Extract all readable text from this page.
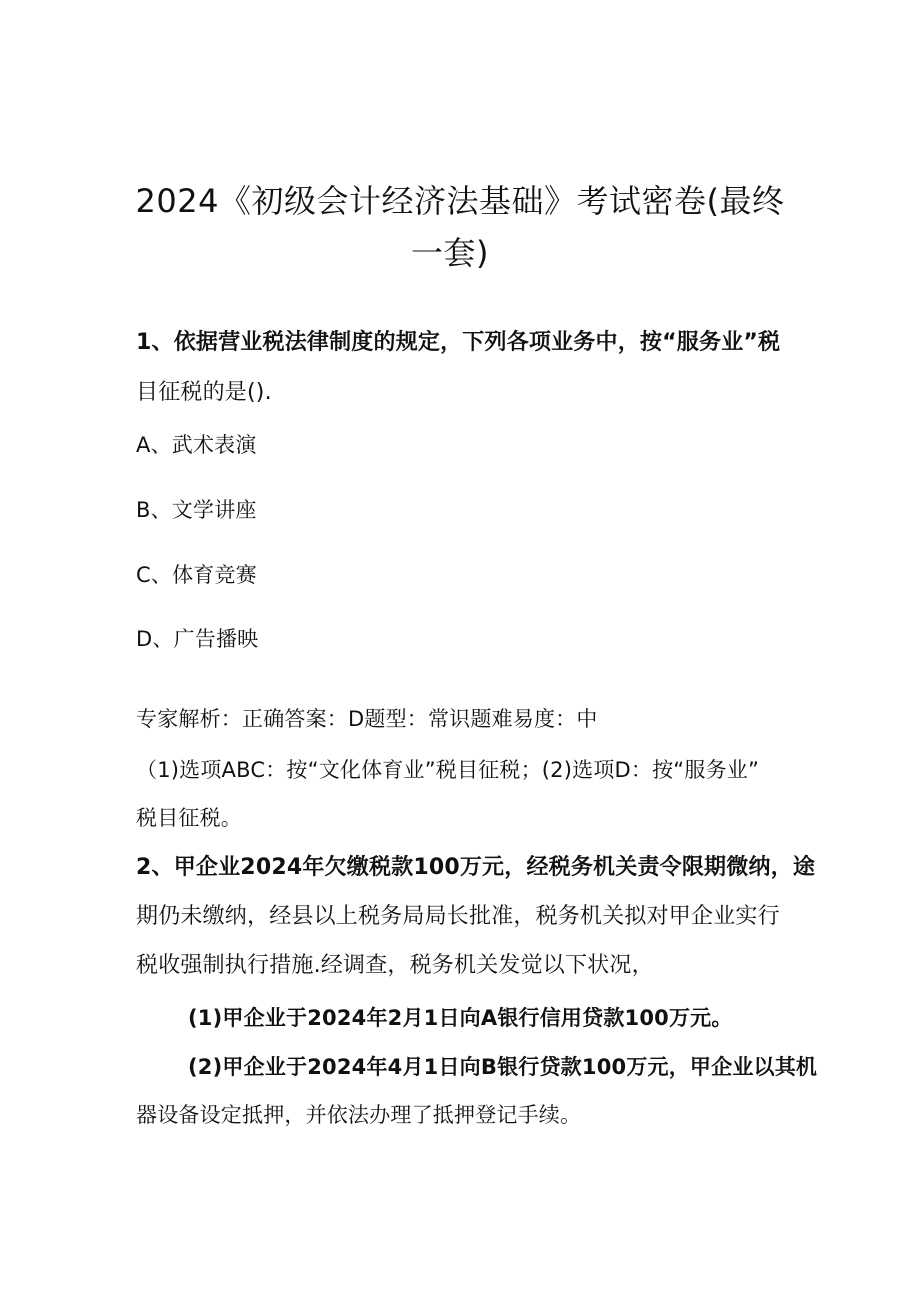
2024《初级会计经济法基础》考试密卷(最终
一套)
1、依据营业税法律制度的规定，下列各项业务中，按“服务业”税
目征税的是().
A、武术表演
B、文学讲座
C、体育竞赛
D、广告播映
专家解析：正确答案：D题型：常识题难易度：中
（1)选项ABC：按“文化体育业”税目征税；(2)选项D：按“服务业”
税目征税。
2、甲企业2024年欠缴税款100万元，经税务机关责令限期微纳，途
期仍未缴纳，经县以上税务局局长批准，税务机关拟对甲企业实行
税收强制执行措施.经调查，税务机关发觉以下状况，
(1)甲企业于2024年2月1日向A银行信用贷款100万元。
(2)甲企业于2024年4月1日向B银行贷款100万元，甲企业以其机
器设备设定抵押，并依法办理了抵押登记手续。
